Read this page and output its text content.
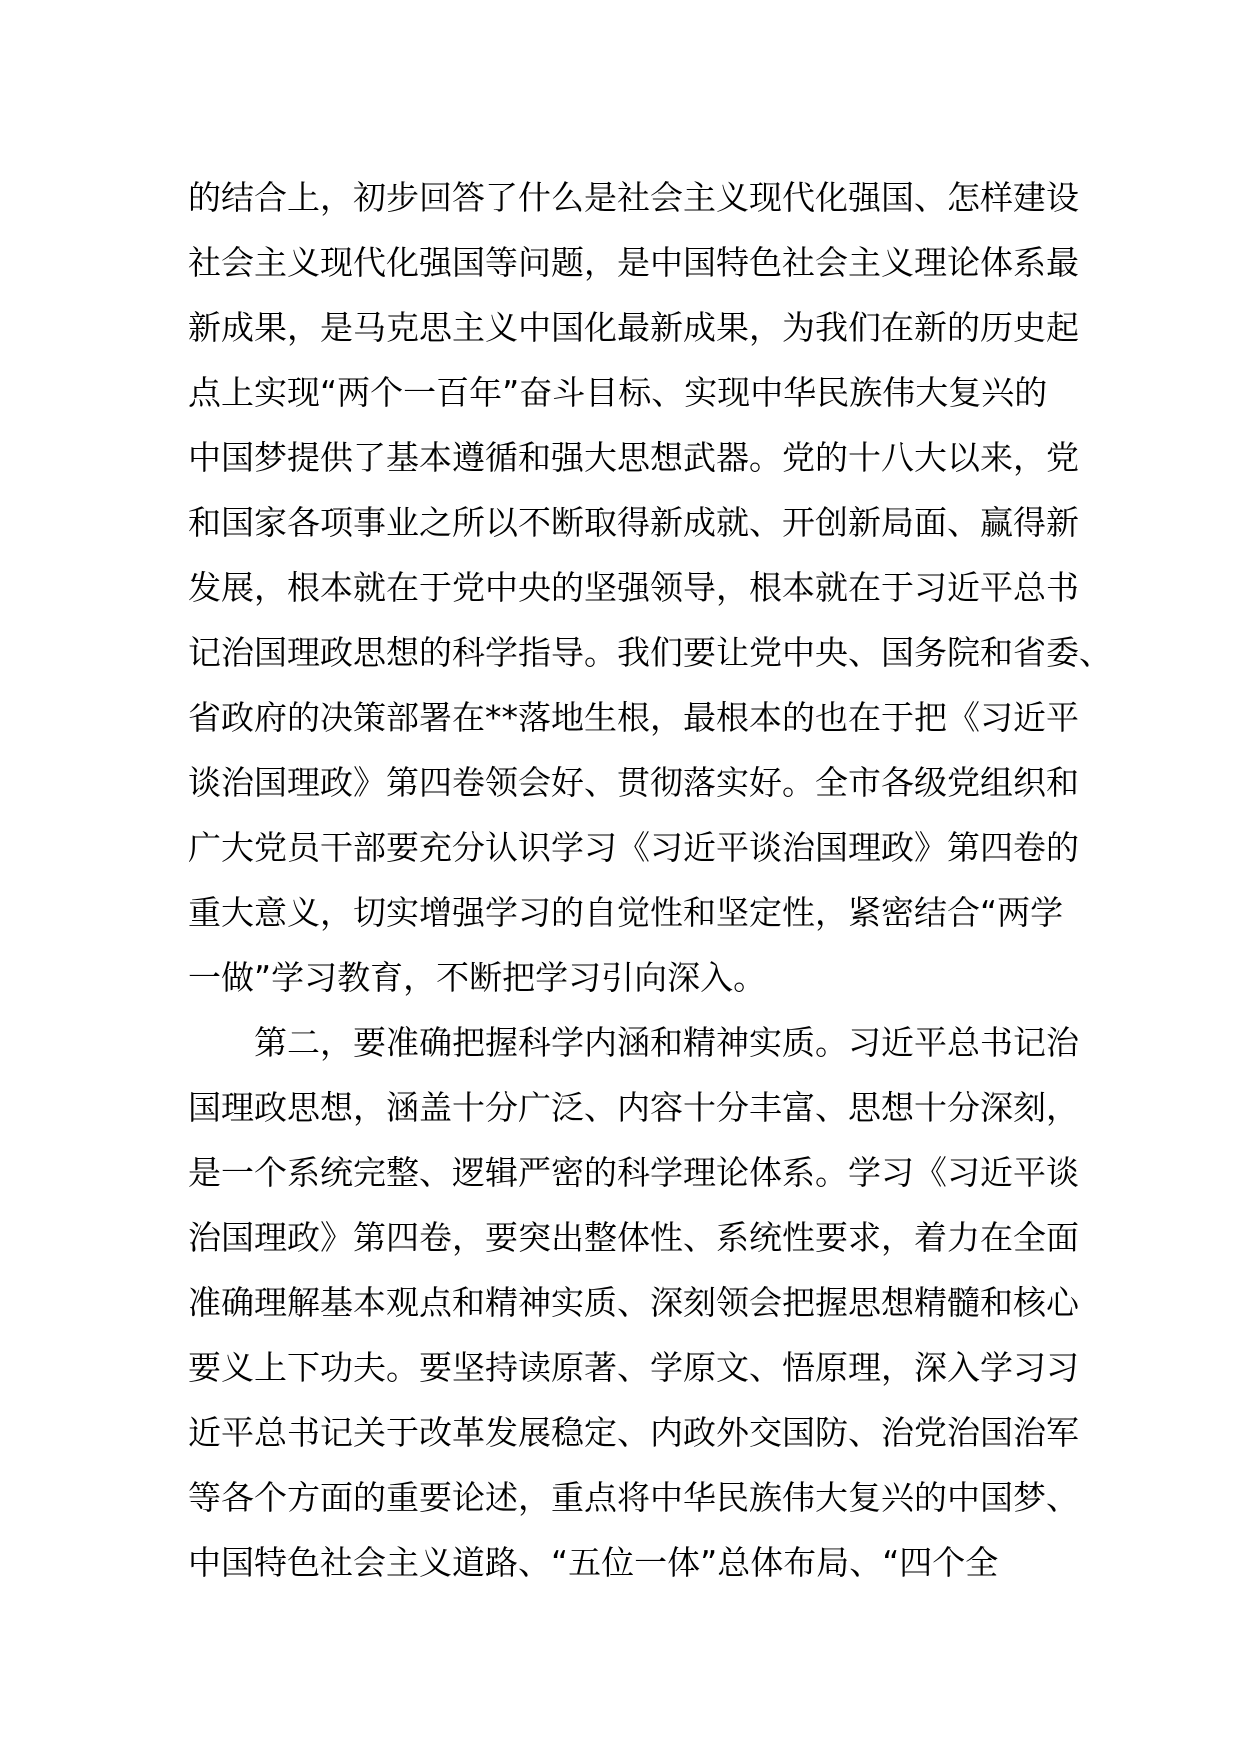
的结合上，初步回答了什么是社会主义现代化强国、怎样建设
社会主义现代化强国等问题，是中国特色社会主义理论体系最
新成果，是马克思主义中国化最新成果，为我们在新的历史起
点上实现“两个一百年”奋斗目标、实现中华民族伟大复兴的
中国梦提供了基本遵循和强大思想武器。党的十八大以来，党
和国家各项事业之所以不断取得新成就、开创新局面、赢得新
发展，根本就在于党中央的坚强领导，根本就在于习近平总书
记治国理政思想的科学指导。我们要让党中央、国务院和省委、
省政府的决策部署在**落地生根，最根本的也在于把《习近平
谈治国理政》第四卷领会好、贯彻落实好。全市各级党组织和
广大党员干部要充分认识学习《习近平谈治国理政》第四卷的
重大意义，切实增强学习的自觉性和坚定性，紧密结合“两学
一做”学习教育，不断把学习引向深入。
第二，要准确把握科学内涵和精神实质。习近平总书记治
国理政思想，涵盖十分广泛、内容十分丰富、思想十分深刻，
是一个系统完整、逻辑严密的科学理论体系。学习《习近平谈
治国理政》第四卷，要突出整体性、系统性要求，着力在全面
准确理解基本观点和精神实质、深刻领会把握思想精髓和核心
要义上下功夫。要坚持读原著、学原文、悟原理，深入学习习
近平总书记关于改革发展稳定、内政外交国防、治党治国治军
等各个方面的重要论述，重点将中华民族伟大复兴的中国梦、
中国特色社会主义道路、“五位一体”总体布局、“四个全
